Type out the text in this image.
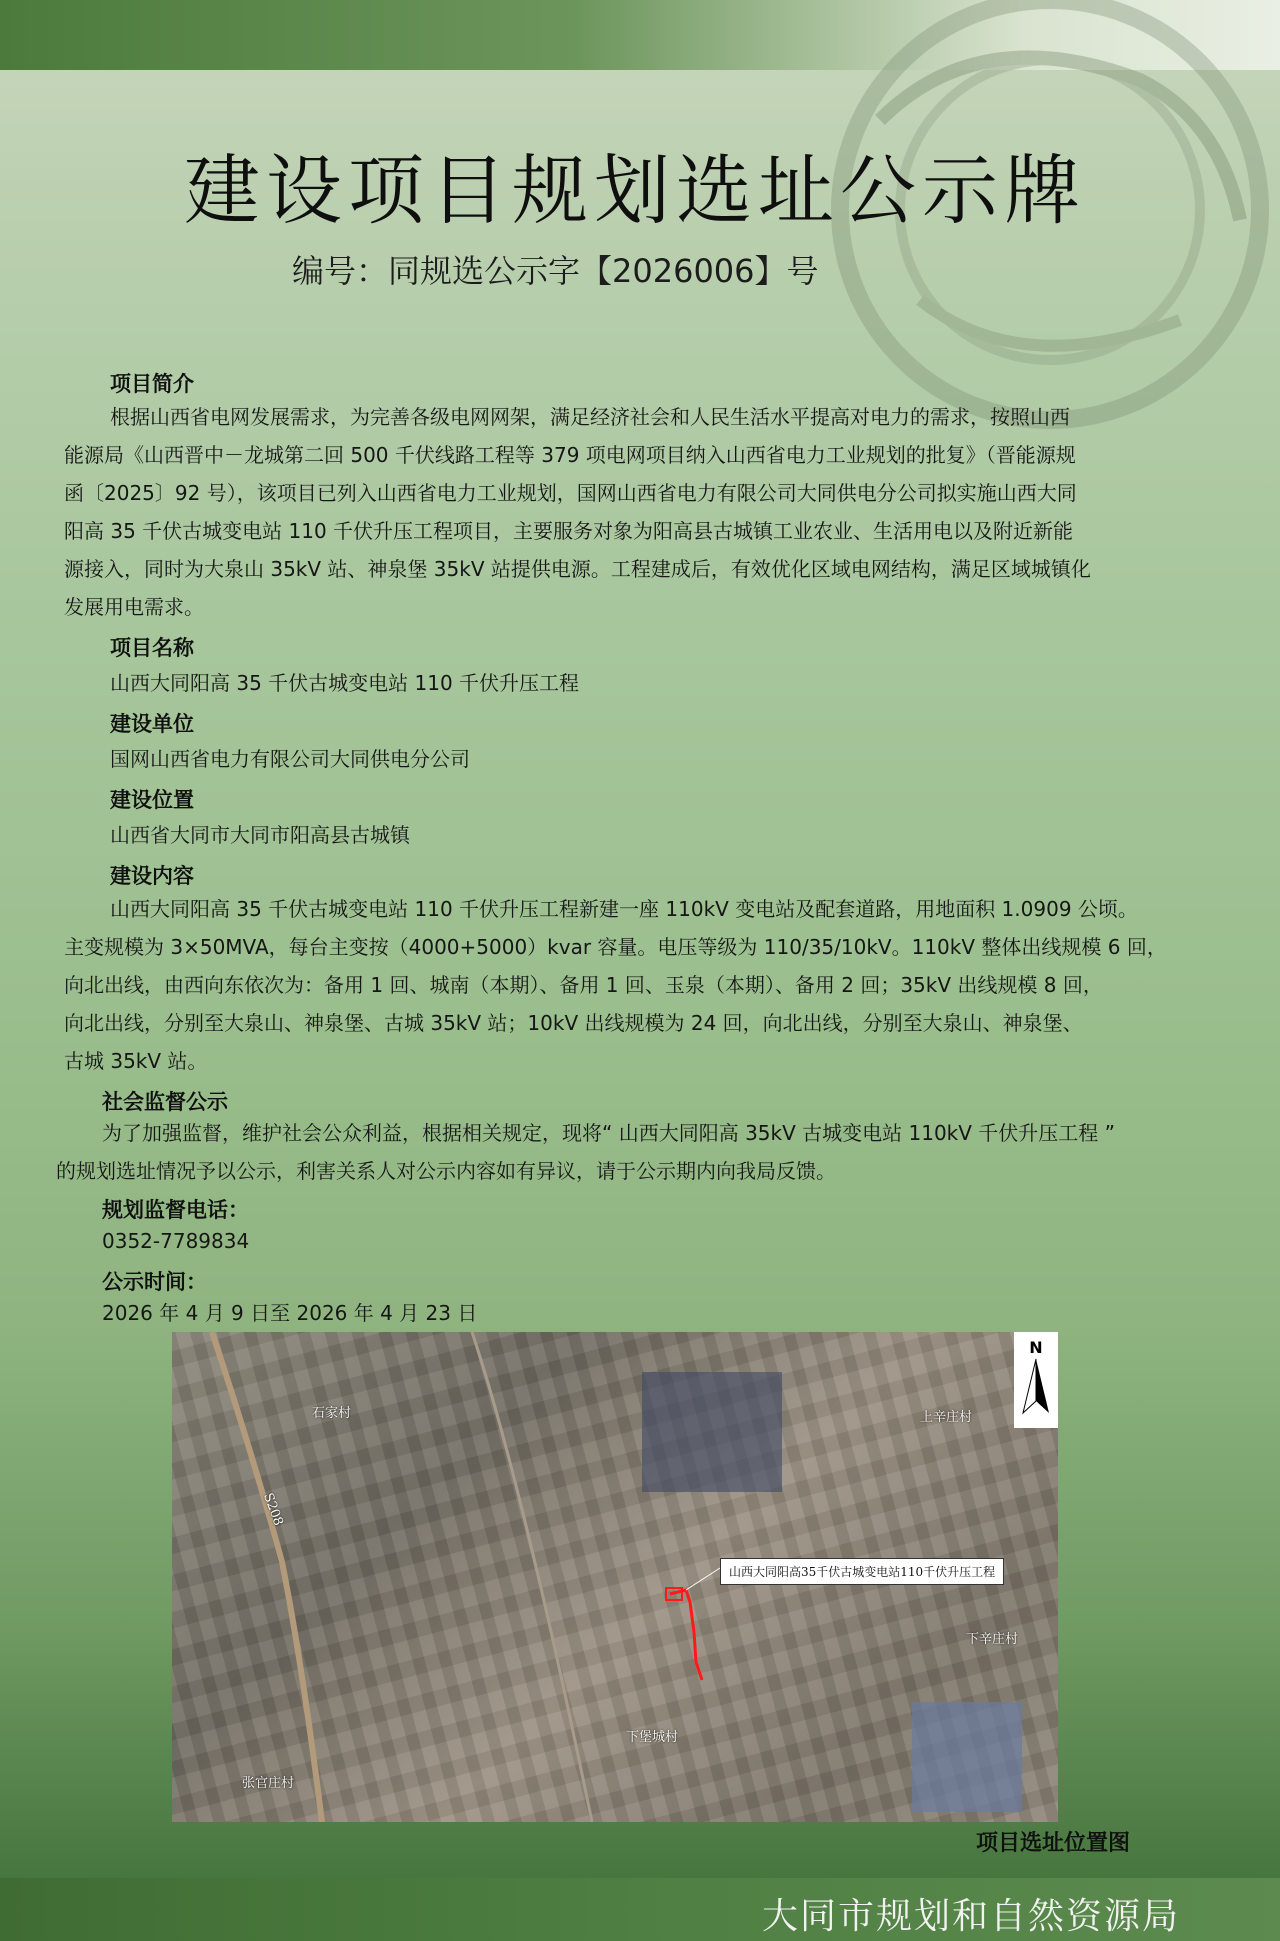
建设项目规划选址公示牌
编号：同规选公示字【2026006】号
项目简介

根据山西省电网发展需求，为完善各级电网网架，满足经济社会和人民生活水平提高对电力的需求，按照山西

能源局《山西晋中－龙城第二回 500 千伏线路工程等 379 项电网项目纳入山西省电力工业规划的批复》（晋能源规

函〔2025〕92 号），该项目已列入山西省电力工业规划，国网山西省电力有限公司大同供电分公司拟实施山西大同

阳高 35 千伏古城变电站 110 千伏升压工程项目，主要服务对象为阳高县古城镇工业农业、生活用电以及附近新能

源接入，同时为大泉山 35kV 站、神泉堡 35kV 站提供电源。工程建成后，有效优化区域电网结构，满足区域城镇化

发展用电需求。

项目名称
山西大同阳高 35 千伏古城变电站 110 千伏升压工程
建设单位
国网山西省电力有限公司大同供电分公司
建设位置
山西省大同市大同市阳高县古城镇
建设内容

山西大同阳高 35 千伏古城变电站 110 千伏升压工程新建一座 110kV 变电站及配套道路，用地面积 1.0909 公顷。

主变规模为 3×50MVA，每台主变按（4000+5000）kvar 容量。电压等级为 110/35/10kV。110kV 整体出线规模 6 回，

向北出线，由西向东依次为：备用 1 回、城南（本期）、备用 1 回、玉泉（本期）、备用 2 回；35kV 出线规模 8 回，

向北出线，分别至大泉山、神泉堡、古城 35kV 站；10kV 出线规模为 24 回，向北出线，分别至大泉山、神泉堡、

古城 35kV 站。

社会监督公示

为了加强监督，维护社会公众利益，根据相关规定，现将“ 山西大同阳高 35kV 古城变电站 110kV 千伏升压工程 ”

的规划选址情况予以公示，利害关系人对公示内容如有异议，请于公示期内向我局反馈。

规划监督电话：
0352-7789834
公示时间：
2026 年 4 月 9 日至 2026 年 4 月 23 日
山西大同阳高35千伏古城变电站110千伏升压工程
N
S208
上辛庄村
下辛庄村
下堡城村
张官庄村
石家村
项目选址位置图
大同市规划和自然资源局
